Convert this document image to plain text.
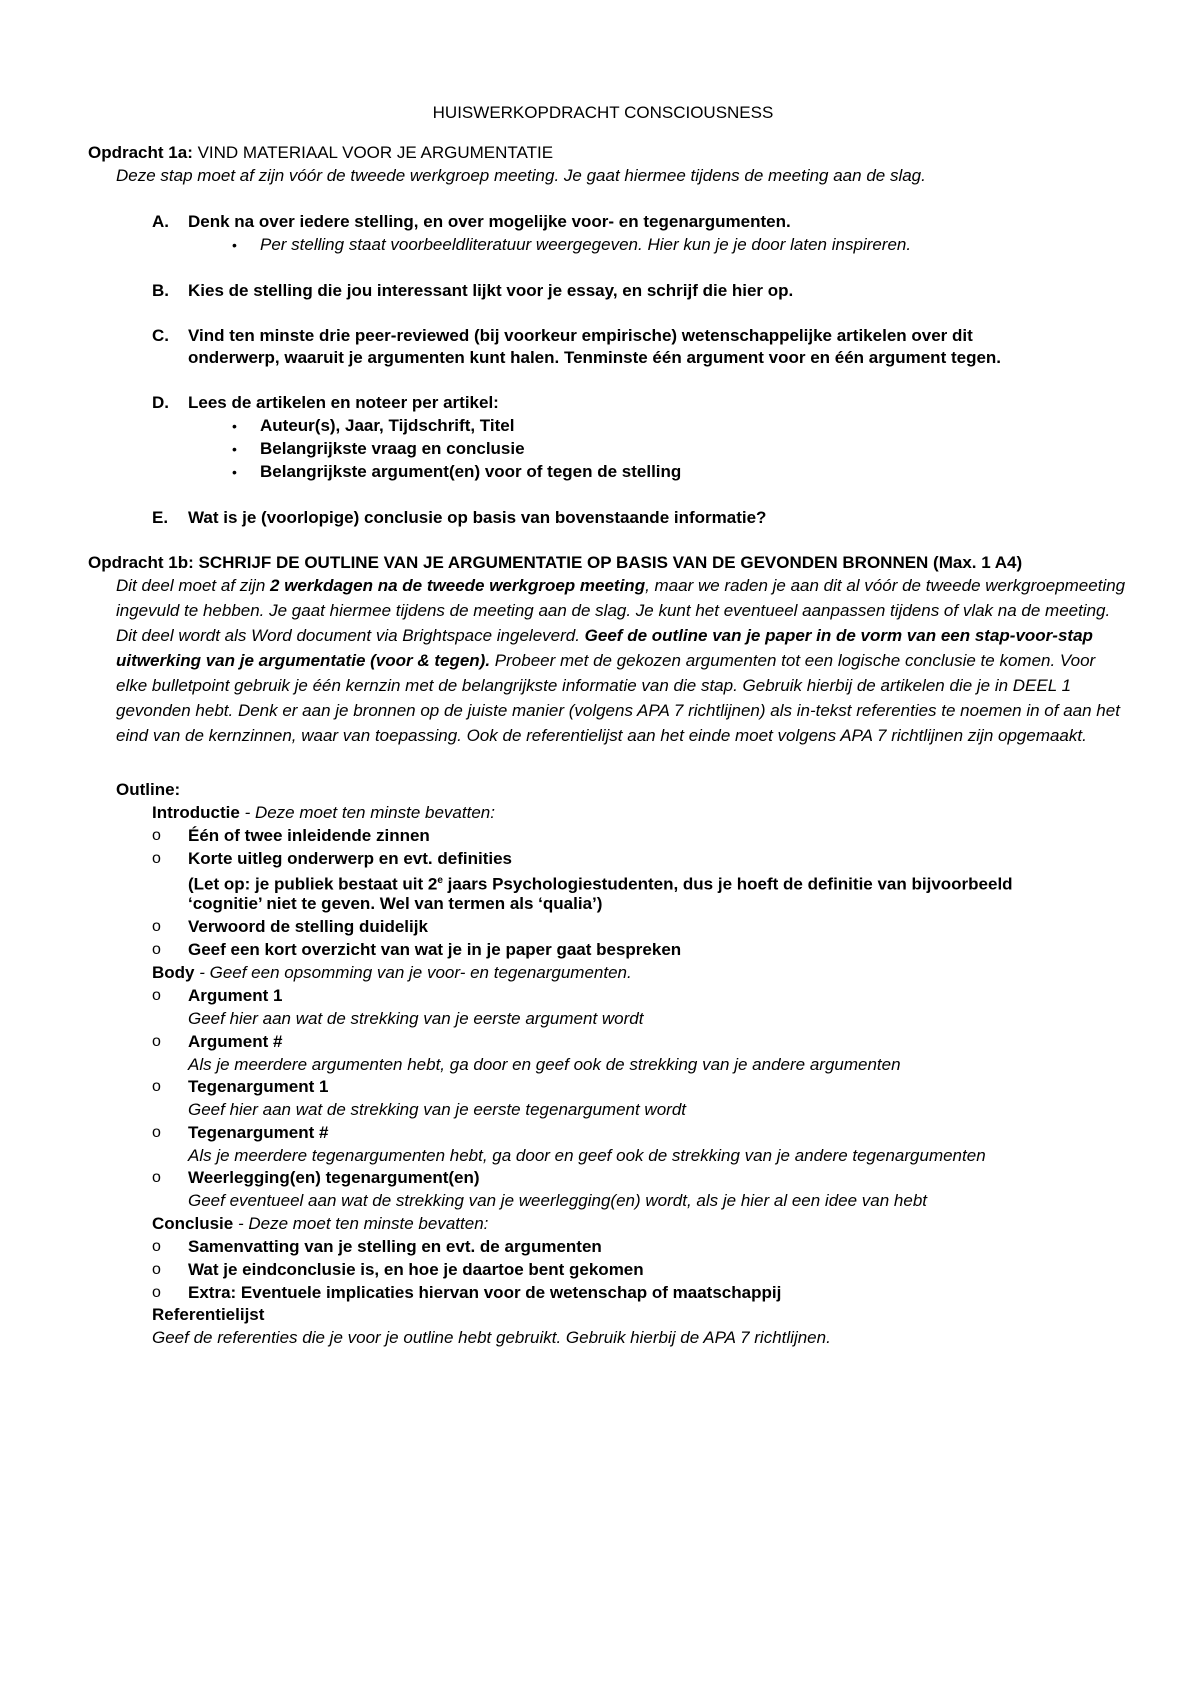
HUISWERKOPDRACHT CONSCIOUSNESS
Opdracht 1a: VIND MATERIAAL VOOR JE ARGUMENTATIE
Deze stap moet af zijn vóór de tweede werkgroep meeting. Je gaat hiermee tijdens de meeting aan de slag.
A. Denk na over iedere stelling, en over mogelijke voor- en tegenargumenten.
• Per stelling staat voorbeeldliteratuur weergegeven. Hier kun je je door laten inspireren.
B. Kies de stelling die jou interessant lijkt voor je essay, en schrijf die hier op.
C. Vind ten minste drie peer-reviewed (bij voorkeur empirische) wetenschappelijke artikelen over dit
onderwerp, waaruit je argumenten kunt halen. Tenminste één argument voor en één argument tegen.
D. Lees de artikelen en noteer per artikel:
• Auteur(s), Jaar, Tijdschrift, Titel
• Belangrijkste vraag en conclusie
• Belangrijkste argument(en) voor of tegen de stelling
E. Wat is je (voorlopige) conclusie op basis van bovenstaande informatie?
Opdracht 1b: SCHRIJF DE OUTLINE VAN JE ARGUMENTATIE OP BASIS VAN DE GEVONDEN BRONNEN (Max. 1 A4)
Dit deel moet af zijn 2 werkdagen na de tweede werkgroep meeting, maar we raden je aan dit al vóór de tweede werkgroepmeeting ingevuld te hebben. Je gaat hiermee tijdens de meeting aan de slag. Je kunt het eventueel aanpassen tijdens of vlak na de meeting. Dit deel wordt als Word document via Brightspace ingeleverd. Geef de outline van je paper in de vorm van een stap-voor-stap uitwerking van je argumentatie (voor & tegen). Probeer met de gekozen argumenten tot een logische conclusie te komen. Voor elke bulletpoint gebruik je één kernzin met de belangrijkste informatie van die stap. Gebruik hierbij de artikelen die je in DEEL 1 gevonden hebt. Denk er aan je bronnen op de juiste manier (volgens APA 7 richtlijnen) als in-tekst referenties te noemen in of aan het eind van de kernzinnen, waar van toepassing. Ook de referentielijst aan het einde moet volgens APA 7 richtlijnen zijn opgemaakt.
Outline:
Introductie - Deze moet ten minste bevatten:
o Één of twee inleidende zinnen
o Korte uitleg onderwerp en evt. definities
(Let op: je publiek bestaat uit 2e jaars Psychologiestudenten, dus je hoeft de definitie van bijvoorbeeld
‘cognitie’ niet te geven. Wel van termen als ‘qualia’)
o Verwoord de stelling duidelijk
o Geef een kort overzicht van wat je in je paper gaat bespreken
Body - Geef een opsomming van je voor- en tegenargumenten.
o Argument 1
Geef hier aan wat de strekking van je eerste argument wordt
o Argument #
Als je meerdere argumenten hebt, ga door en geef ook de strekking van je andere argumenten
o Tegenargument 1
Geef hier aan wat de strekking van je eerste tegenargument wordt
o Tegenargument #
Als je meerdere tegenargumenten hebt, ga door en geef ook de strekking van je andere tegenargumenten
o Weerlegging(en) tegenargument(en)
Geef eventueel aan wat de strekking van je weerlegging(en) wordt, als je hier al een idee van hebt
Conclusie - Deze moet ten minste bevatten:
o Samenvatting van je stelling en evt. de argumenten
o Wat je eindconclusie is, en hoe je daartoe bent gekomen
o Extra: Eventuele implicaties hiervan voor de wetenschap of maatschappij
Referentielijst
Geef de referenties die je voor je outline hebt gebruikt. Gebruik hierbij de APA 7 richtlijnen.
